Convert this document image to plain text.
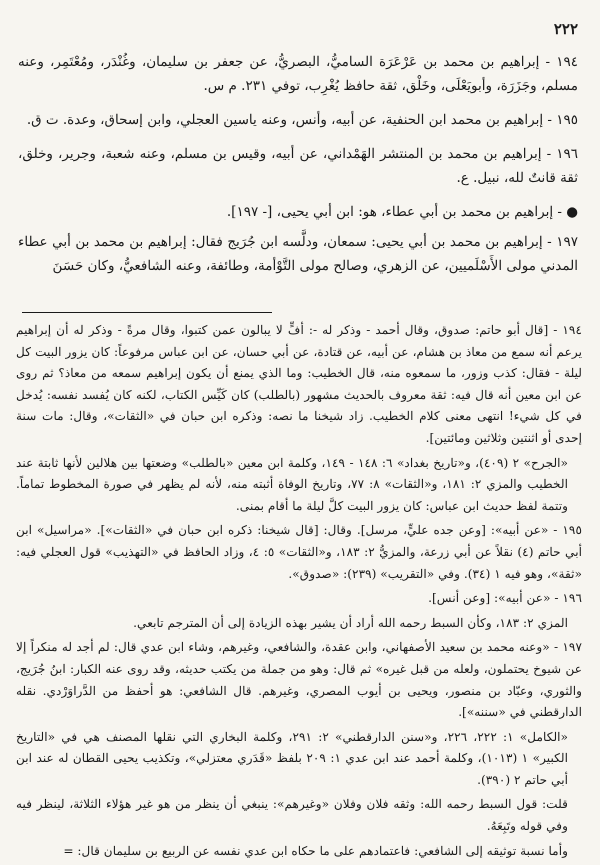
٢٢٢

١٩٤ - إبراهيم بن محمد بن عَرْعَرَة الساميُّ، البصريُّ، عن جعفر بن سليمان، وغُنْدَر، ومُعْتَمِر، وعنه مسلم، وجَزَرَة، وأبويَعْلَى، وخَلْق، ثقة حافظ يُغْرِب، توفي ٢٣١. م س.

١٩٥ - إبراهيم بن محمد ابن الحنفية، عن أبيه، وأنس، وعنه ياسين العجلي، وابن إسحاق، وعدة. ت ق.

١٩٦ - إبراهيم بن محمد بن المنتشر الهَمْداني، عن أبيه، وقيس بن مسلم، وعنه شعبة، وجرير، وخلق، ثقة قانتٌ لله، نبيل. ع.

● - إبراهيم بن محمد بن أبي عطاء، هو: ابن أبي يحيى، [- ١٩٧].

١٩٧ - إبراهيم بن محمد بن أبي يحيى: سمعان، ودلَّسه ابن جُرَيج فقال: إبراهيم بن محمد بن أبي عطاء المدني مولى الأَسْلَميين، عن الزهري، وصالح مولى التَّوْأمة، وطائفة، وعنه الشافعيُّ، وكان حَسَنَ

١٩٤ - [قال أبو حاتم: صدوق، وقال أحمد - وذكر له -: أفٍّ لا يبالون عمن كتبوا، وقال مرةً - وذكر له أن إبراهيم يرعم أنه سمع من معاذ بن هشام، عن أبيه، عن قتادة، عن أبي حسان، عن ابن عباس مرفوعاً: كان يزور البيت كل ليلة - فقال: كذب وزور، ما سمعوه منه، قال الخطيب: وما الذي يمنع أن يكون إبراهيم سمعه من معاذ؟ ثم روى عن ابن معين أنه قال فيه: ثقة معروف بالحديث مشهور (بالطلب) كان كَيِّس الكتاب، لكنه كان يُفسد نفسه: يُدخل في كل شيء! انتهى معنى كلام الخطيب. زاد شيخنا ما نصه: وذكره ابن حبان في «الثقات»، وقال: مات سنة إحدى أو اثنتين وثلاثين ومائتين].

«الجرح» ٢ (٤٠٩)، و«تاريخ بغداد» ٦: ١٤٨ - ١٤٩، وكلمة ابن معين «بالطلب» وضعتها بين هلالين لأنها ثابتة عند الخطيب والمزي ٢: ١٨١، و«الثقات» ٨: ٧٧، وتاريخ الوفاة أثبته منه، لأنه لم يظهر في صورة المخطوط تماماً. وتتمة لفظ حديث ابن عباس: كان يزور البيت كلَّ ليلة ما أقام بمنى.

١٩٥ - «عن أبيه»: [وعن جده عليٍّ، مرسل]. وقال: [قال شيخنا: ذكره ابن حبان في «الثقات»]. «مراسيل» ابن أبي حاتم (٤) نقلاً عن أبي زرعة، والمزيُّ ٢: ١٨٣، و«الثقات» ٥: ٤، وزاد الحافظ في «التهذيب» قول العجلي فيه: «ثقة»، وهو فيه ١ (٣٤). وفي «التقريب» (٢٣٩): «صدوق».

١٩٦ - «عن أبيه»: [وعن أنس].

المزي ٢: ١٨٣، وكأن السبط رحمه الله أراد أن يشير بهذه الزيادة إلى أن المترجم تابعي.

١٩٧ - «وعنه محمد بن سعيد الأصفهاني، وابن عقدة، والشافعي، وغيرهم، وشاء ابن عدي قال: لم أجد له منكراً إلا عن شيوخ يحتملون، ولعله من قبل غيره» ثم قال: وهو من جملة من يكتب حديثه، وقد روى عنه الكبار: ابنُ جُرَيج، والثوري، وعبّاد بن منصور، ويحيى بن أيوب المصري، وغيرهم. قال الشافعي: هو أحفظ من الدَّراوَرْدي. نقله الدارقطني في «سننه»].

«الكامل» ١: ٢٢٢، ٢٢٦، و«سنن الدارقطني» ٢: ٢٩١، وكلمة البخاري التي نقلها المصنف هي في «التاريخ الكبير» ١ (١٠١٣)، وكلمة أحمد عند ابن عدي ١: ٢٠٩ بلفظ «قَدَري معتزلي»، وتكذيب يحيى القطان له عند ابن أبي حاتم ٢ (٣٩٠).

قلت: قول السبط رحمه الله: وثقه فلان وفلان «وغيرهم»: ينبغي أن ينظر من هو غير هؤلاء الثلاثة، لينظر فيه وفي قوله وتَبِعَهُ.

وأما نسبة توثيقه إلى الشافعي: فاعتمادهم على ما حكاه ابن عدي نفسه عن الربيع بن سليمان قال: =
